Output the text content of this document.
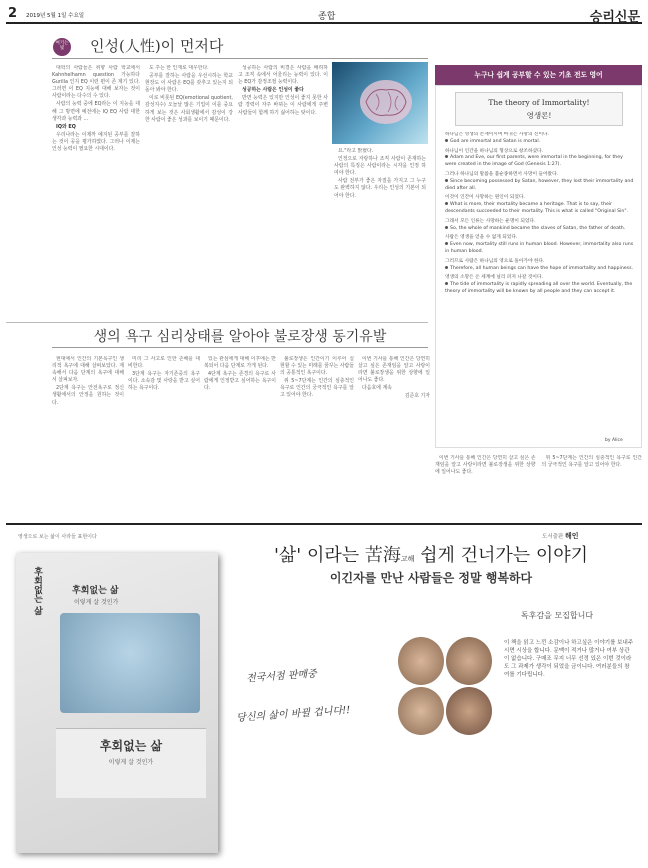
2 2019년 5월 1일 수요일	종합	승리신문
여기는 빛	인성(人性)이 먼저다

대학의 사람들은 취향 사람 학교에서 Kahnhelhamn question 가능하다 Gurilla 인지 EQ 이런 편이 존 제기 있다. 그러면 이 EQ 지능에 대해 보자는 것이 사람이라는 다수의 수 있다.

사람의 능력 중에 EQ라는 이 지능을 대해 그 방면에 예전에는 IQ EQ 사람 대한 생각과 능력과 ...

IQ와 EQ

우리나라는 이제까 예지된 공부를 잘하는 것이 공을 평가하였다. 그러나 이제는 인성 능력이 필요한 시대이다.

도 주는 한 인재로 대우한다.

공부를 잘하는 사람을 우선시하는 학교 현장도 이 사람은 EQ를 갖추고 있는지 되돌아 봐야 한다.

이로 비롯된 EQ(emotional quotient, 감성지수) 오늘날 많은 기업이 이를 중요하게 보는 것은 사회생활에서 감성이 강한 사람이 좋은 성과를 보이기 때문이다.

성공하는 사람의 비결은 사람을 배려하고 조직 속에서 어울리는 능력이 있다. 이는 EQ가 감정조절 능력이다.

성공하는 사람은 인성이 좋다

반면 능력은 있지만 인성이 좋지 못한 사람 경력이 자주 바뀌는 이 사람에게 주변 사람들이 함께 하기 싫어하는 탓이다.

요."라고 밝혔다.

인정으로 자랑하나 조직 사람이 존재하는 사람의 특징은 사람이라는 시각을 인정 하여야 한다.

사람 전부가 좋은 자질을 가지고 그 누구도 완벽하지 않다. 우리는 인성의 기본이 되어야 한다.

누구나 쉽게 공부할 수 있는 기초 전도 영어
The theory of Immortality!
영생론!
하나님은 영생의 존재이시며 마귀는 사망의 신이다.
God are immortal and Satan is mortal.
하나님이 인간을 하나님의 형상으로 창조하셨다.
Adam and Eve, our first parents, were immortal in the beginning, for they were created in the image of God (Genesis 1:27).
그러나 하나님의 말씀을 불순종하면서 사망이 들어왔다.
Since becoming possessed by Satan, however, they lost their immortality and died after all.
이것이 인간이 사망하는 원인이 되었다.
What is more, their mortality became a heritage. That is to say, their descendants succeeded to their mortality. This is what is called "Original Sin".
그래서 모든 인류는 사망하는 운명이 되었다.
So, the whole of mankind became the slaves of Satan, the father of death.
사람은 영생을 얻을 수 없게 되었다.
Even now, mortality still runs in human blood. However, immortality also runs in human blood.
그러므로 사람은 하나님의 영으로 돌아가야 한다.
Therefore, all human beings can have the hope of immortality and happiness.
영생의 소망은 온 세계에 널리 퍼져 나갈 것이다.
The tide of immortality is rapidly spreading all over the world. Eventually, the theory of immortality will be known by all people and they can accept it.
by Alice
생의 욕구 심리상태를 알아야 불로장생 동기유발

현대에서 인간의 기본욕구인 생리적 욕구에 대해 살펴보았다. 계속해서 다음 단계의 욕구에 대해서 살펴보자.

2단계 욕구는 안전욕구로 정신생활에서의 안정을 원하는 것이다.

미리 그 사고로 인한 손해를 대비한다.

3단계 욕구는 자기존중의 욕구이다. 소속감 및 사랑을 받고 싶어하는 욕구이다.

있는 관심에게 대해 이후에는 반복되어 다음 단계로 가게 된다.

4단계 욕구는 존경의 욕구로 사람에게 인정받고 싶어하는 욕구이다.

불로장생은 인간이기 이루어 실현할 수 있는 미래를 꿈꾸는 사람들의 공통적인 욕구이다.

위 5~7단계는 인간의 심층적인 욕구로 인간의 궁극적인 욕구를 알고 있어야 한다.

이번 기사를 통해 인간은 당연히 살고 싶은 존재임을 알고 사랑이라면 불로장생을 위한 상향에 일어나도 좋다.

다음호에 계속

김준호 기자

이번 기사를 통해 인간은 당연히 살고 싶은 존재임을 알고 사랑이라면 불로장생을 위한 상향에 일어나도 좋다.

위 5~7단계는 인간의 심층적인 욕구로 인간의 궁극적인 욕구를 알고 있어야 한다.

영생으로 보는 삶이 사라들 표현이다	도서출판 해인
후회없는 삶	후회없는 삶
이렇게 살 것인가
후회없는 삶
이렇게 살 것인가
'삶' 이라는 苦海고해 쉽게 건너가는 이야기
이긴자를 만난 사람들은 정말 행복하다
독후감을 모집합니다
전국서점 판매중
당신의 삶이 바뀔 겁니다!!
이 책을 읽고 느낀 소감이나 하고싶은 이야기를 보내주시면 시상을 합니다. 문맥이 적거나 많거나 여부 상관이 없습니다. 구매조 무지 너무 선정 있은 이번 것이라도 그 과제가 생각이 되었을 금이니다. 여러분들의 참여를 기다립니다.
